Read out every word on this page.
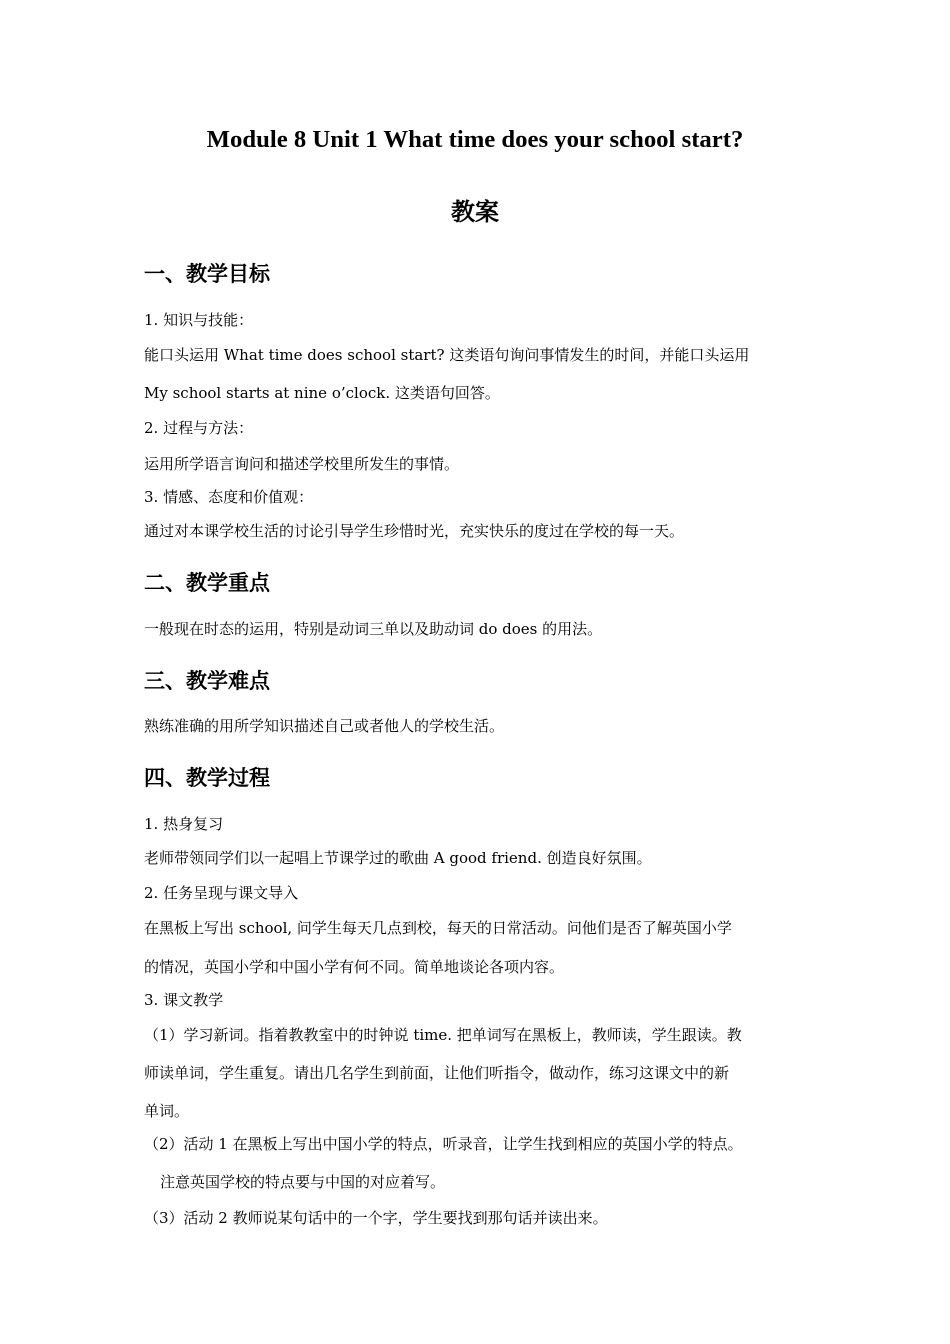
Module 8 Unit 1 What time does your school start?
教案
一、教学目标
1. 知识与技能：
能口头运用 What time does school start? 这类语句询问事情发生的时间，并能口头运用
My school starts at nine o’clock. 这类语句回答。
2. 过程与方法：
运用所学语言询问和描述学校里所发生的事情。
3. 情感、态度和价值观：
通过对本课学校生活的讨论引导学生珍惜时光，充实快乐的度过在学校的每一天。
二、教学重点
一般现在时态的运用，特别是动词三单以及助动词 do does 的用法。
三、教学难点
熟练准确的用所学知识描述自己或者他人的学校生活。
四、教学过程
1. 热身复习
老师带领同学们以一起唱上节课学过的歌曲 A good friend. 创造良好氛围。
2. 任务呈现与课文导入
在黑板上写出 school, 问学生每天几点到校，每天的日常活动。问他们是否了解英国小学
的情况，英国小学和中国小学有何不同。简单地谈论各项内容。
3. 课文教学
（1）学习新词。指着教教室中的时钟说 time. 把单词写在黑板上，教师读，学生跟读。教
师读单词，学生重复。请出几名学生到前面，让他们听指令，做动作，练习这课文中的新
单词。
（2）活动 1 在黑板上写出中国小学的特点，听录音，让学生找到相应的英国小学的特点。
注意英国学校的特点要与中国的对应着写。
（3）活动 2 教师说某句话中的一个字，学生要找到那句话并读出来。
